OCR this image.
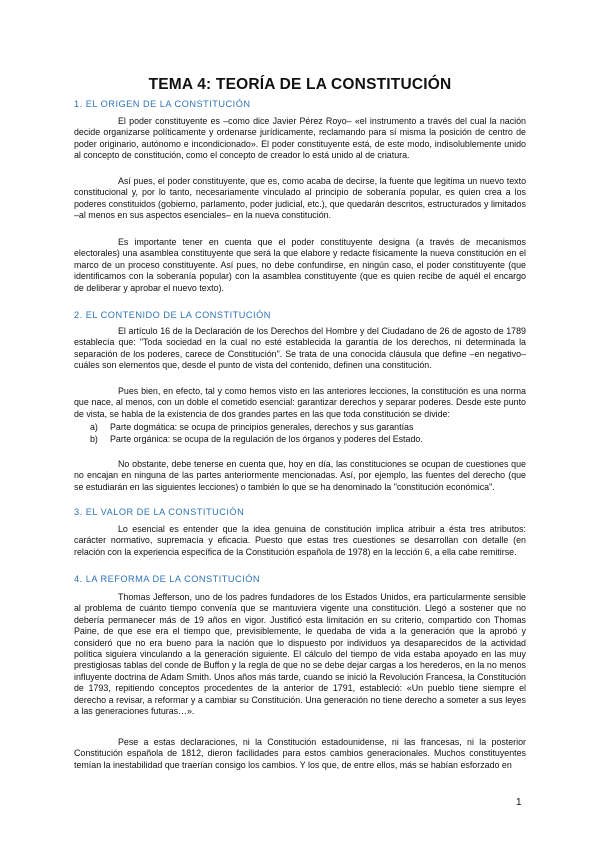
TEMA 4: TEORÍA DE LA CONSTITUCIÓN
1. EL ORIGEN DE LA CONSTITUCIÓN

El poder constituyente es –como dice Javier Pérez Royo– «el instrumento a través del cual la nación decide organizarse políticamente y ordenarse jurídicamente, reclamando para sí misma la posición de centro de poder originario, autónomo e incondicionado». El poder constituyente está, de este modo, indisolublemente unido al concepto de constitución, como el concepto de creador lo está unido al de criatura.

Así pues, el poder constituyente, que es, como acaba de decirse, la fuente que legitima un nuevo texto constitucional y, por lo tanto, necesariamente vinculado al principio de soberanía popular, es quien crea a los poderes constituidos (gobierno, parlamento, poder judicial, etc.), que quedarán descritos, estructurados y limitados –al menos en sus aspectos esenciales– en la nueva constitución.

Es importante tener en cuenta que el poder constituyente designa (a través de mecanismos electorales) una asamblea constituyente que será la que elabore y redacte físicamente la nueva constitución en el marco de un proceso constituyente. Así pues, no debe confundirse, en ningún caso, el poder constituyente (que identificamos con la soberanía popular) con la asamblea constituyente (que es quien recibe de aquél el encargo de deliberar y aprobar el nuevo texto).

2. EL CONTENIDO DE LA CONSTITUCIÓN

El artículo 16 de la Declaración de los Derechos del Hombre y del Ciudadano de 26 de agosto de 1789 establecía que: "Toda sociedad en la cual no esté establecida la garantía de los derechos, ni determinada la separación de los poderes, carece de Constitución". Se trata de una conocida cláusula que define –en negativo– cuáles son elementos que, desde el punto de vista del contenido, definen una constitución.

Pues bien, en efecto, tal y como hemos visto en las anteriores lecciones, la constitución es una norma que nace, al menos, con un doble el cometido esencial: garantizar derechos y separar poderes. Desde este punto de vista, se habla de la existencia de dos grandes partes en las que toda constitución se divide:

a) Parte dogmática: se ocupa de principios generales, derechos y sus garantías
b) Parte orgánica: se ocupa de la regulación de los órganos y poderes del Estado.

No obstante, debe tenerse en cuenta que, hoy en día, las constituciones se ocupan de cuestiones que no encajan en ninguna de las partes anteriormente mencionadas. Así, por ejemplo, las fuentes del derecho (que se estudiarán en las siguientes lecciones) o también lo que se ha denominado la "constitución económica".

3. EL VALOR DE LA CONSTITUCIÓN

Lo esencial es entender que la idea genuina de constitución implica atribuir a ésta tres atributos: carácter normativo, supremacía y eficacia. Puesto que estas tres cuestiones se desarrollan con detalle (en relación con la experiencia específica de la Constitución española de 1978) en la lección 6, a ella cabe remitirse.

4. LA REFORMA DE LA CONSTITUCIÓN

Thomas Jefferson, uno de los padres fundadores de los Estados Unidos, era particularmente sensible al problema de cuánto tiempo convenía que se mantuviera vigente una constitución. Llegó a sostener que no debería permanecer más de 19 años en vigor. Justificó esta limitación en su criterio, compartido con Thomas Paine, de que ese era el tiempo que, previsiblemente, le quedaba de vida a la generación que la aprobó y consideró que no era bueno para la nación que lo dispuesto por individuos ya desaparecidos de la actividad política siguiera vinculando a la generación siguiente. El cálculo del tiempo de vida estaba apoyado en las muy prestigiosas tablas del conde de Buffon y la regla de que no se debe dejar cargas a los herederos, en la no menos influyente doctrina de Adam Smith. Unos años más tarde, cuando se inició la Revolución Francesa, la Constitución de 1793, repitiendo conceptos procedentes de la anterior de 1791, estableció: «Un pueblo tiene siempre el derecho a revisar, a reformar y a cambiar su Constitución. Una generación no tiene derecho a someter a sus leyes a las generaciones futuras…».

Pese a estas declaraciones, ni la Constitución estadounidense, ni las francesas, ni la posterior Constitución española de 1812, dieron facilidades para estos cambios generacionales. Muchos constituyentes temían la inestabilidad que traerían consigo los cambios. Y los que, de entre ellos, más se habían esforzado en

1
